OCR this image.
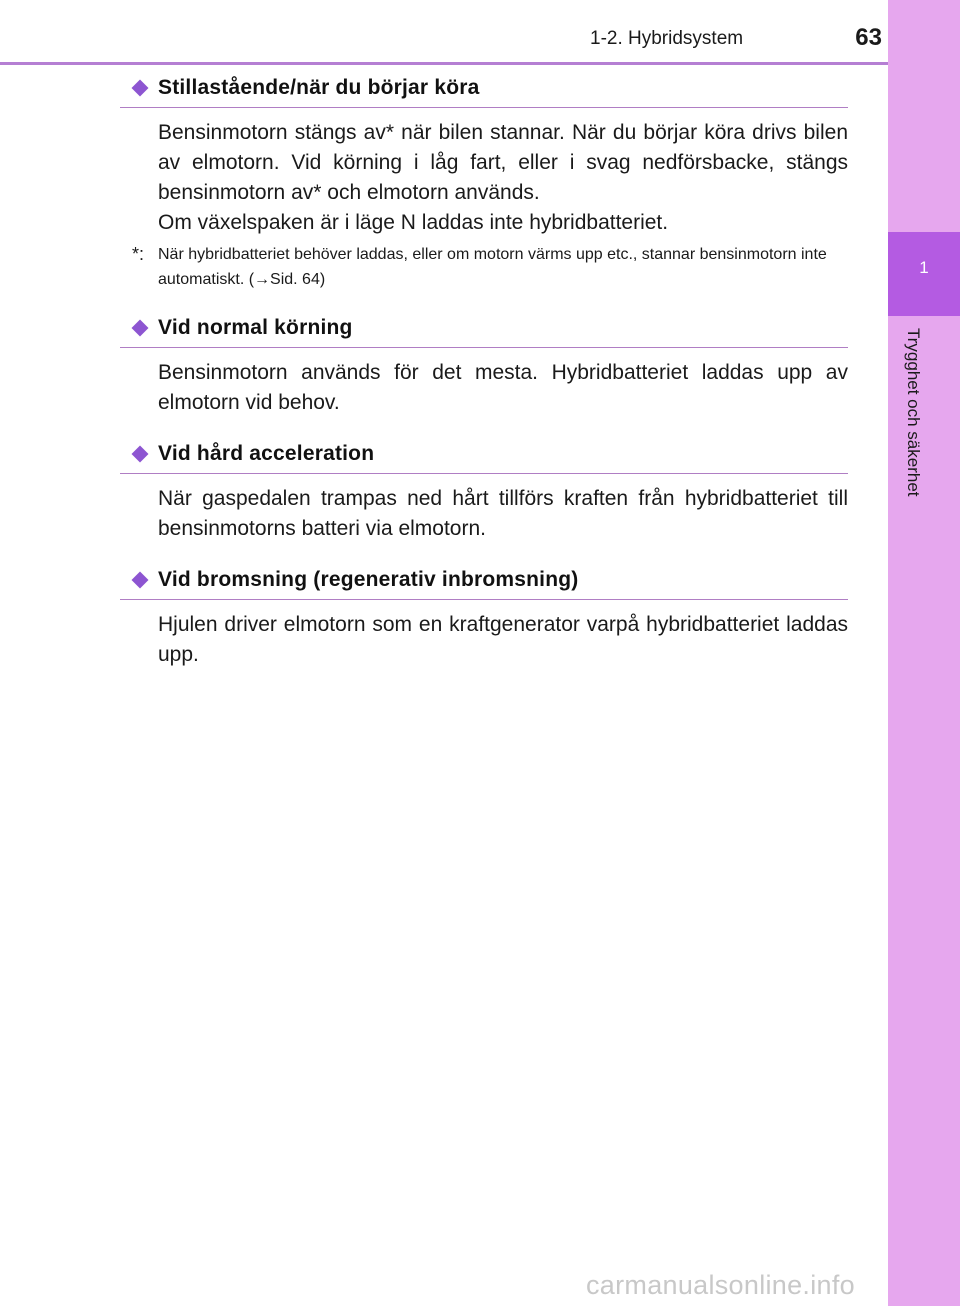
1-2. Hybridsystem	63
1
Trygghet och säkerhet
Stillastående/när du börjar köra

Bensinmotorn stängs av* när bilen stannar. När du börjar köra drivs bilen av elmotorn. Vid körning i låg fart, eller i svag nedförsbacke, stängs bensinmotorn av* och elmotorn används.

Om växelspaken är i läge N laddas inte hybridbatteriet.

*: När hybridbatteriet behöver laddas, eller om motorn värms upp etc., stannar bensinmotorn inte automatiskt. (→Sid. 64)
Vid normal körning

Bensinmotorn används för det mesta. Hybridbatteriet laddas upp av elmotorn vid behov.

Vid hård acceleration

När gaspedalen trampas ned hårt tillförs kraften från hybridbatteriet till bensinmotorns batteri via elmotorn.

Vid bromsning (regenerativ inbromsning)

Hjulen driver elmotorn som en kraftgenerator varpå hybridbatteriet laddas upp.

carmanualsonline.info
